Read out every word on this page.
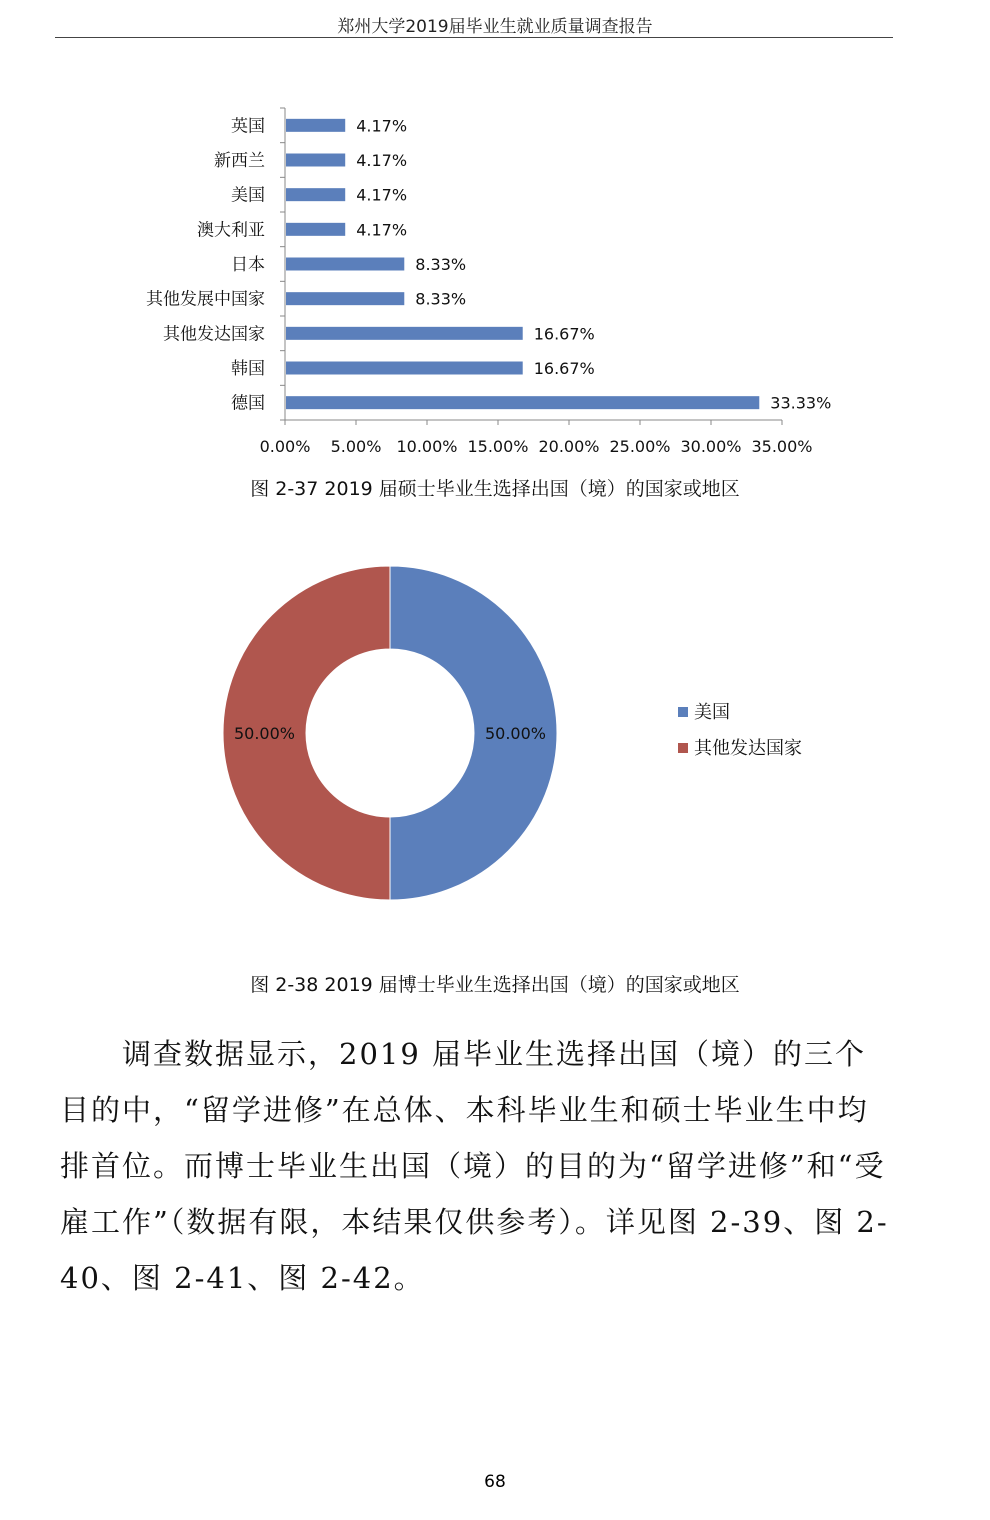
郑州大学2019届毕业生就业质量调查报告
英国	4.17%
新西兰	4.17%
美国	4.17%
澳大利亚	4.17%
日本	8.33%
其他发展中国家	8.33%
其他发达国家	16.67%
韩国	16.67%
德国	33.33%
0.00% 5.00% 10.00% 15.00% 20.00% 25.00% 30.00% 35.00%
图 2-37 2019 届硕士毕业生选择出国（境）的国家或地区
50.00%
50.00%
美国
其他发达国家
图 2-38 2019 届博士毕业生选择出国（境）的国家或地区

调查数据显示，2019 届毕业生选择出国（境）的三个目的中，“留学进修”在总体、本科毕业生和硕士毕业生中均排首位。而博士毕业生出国（境）的目的为“留学进修”和“受雇工作”（数据有限，本结果仅供参考）。详见图 2-39、图 2-40、图 2-41、图 2-42。

68
